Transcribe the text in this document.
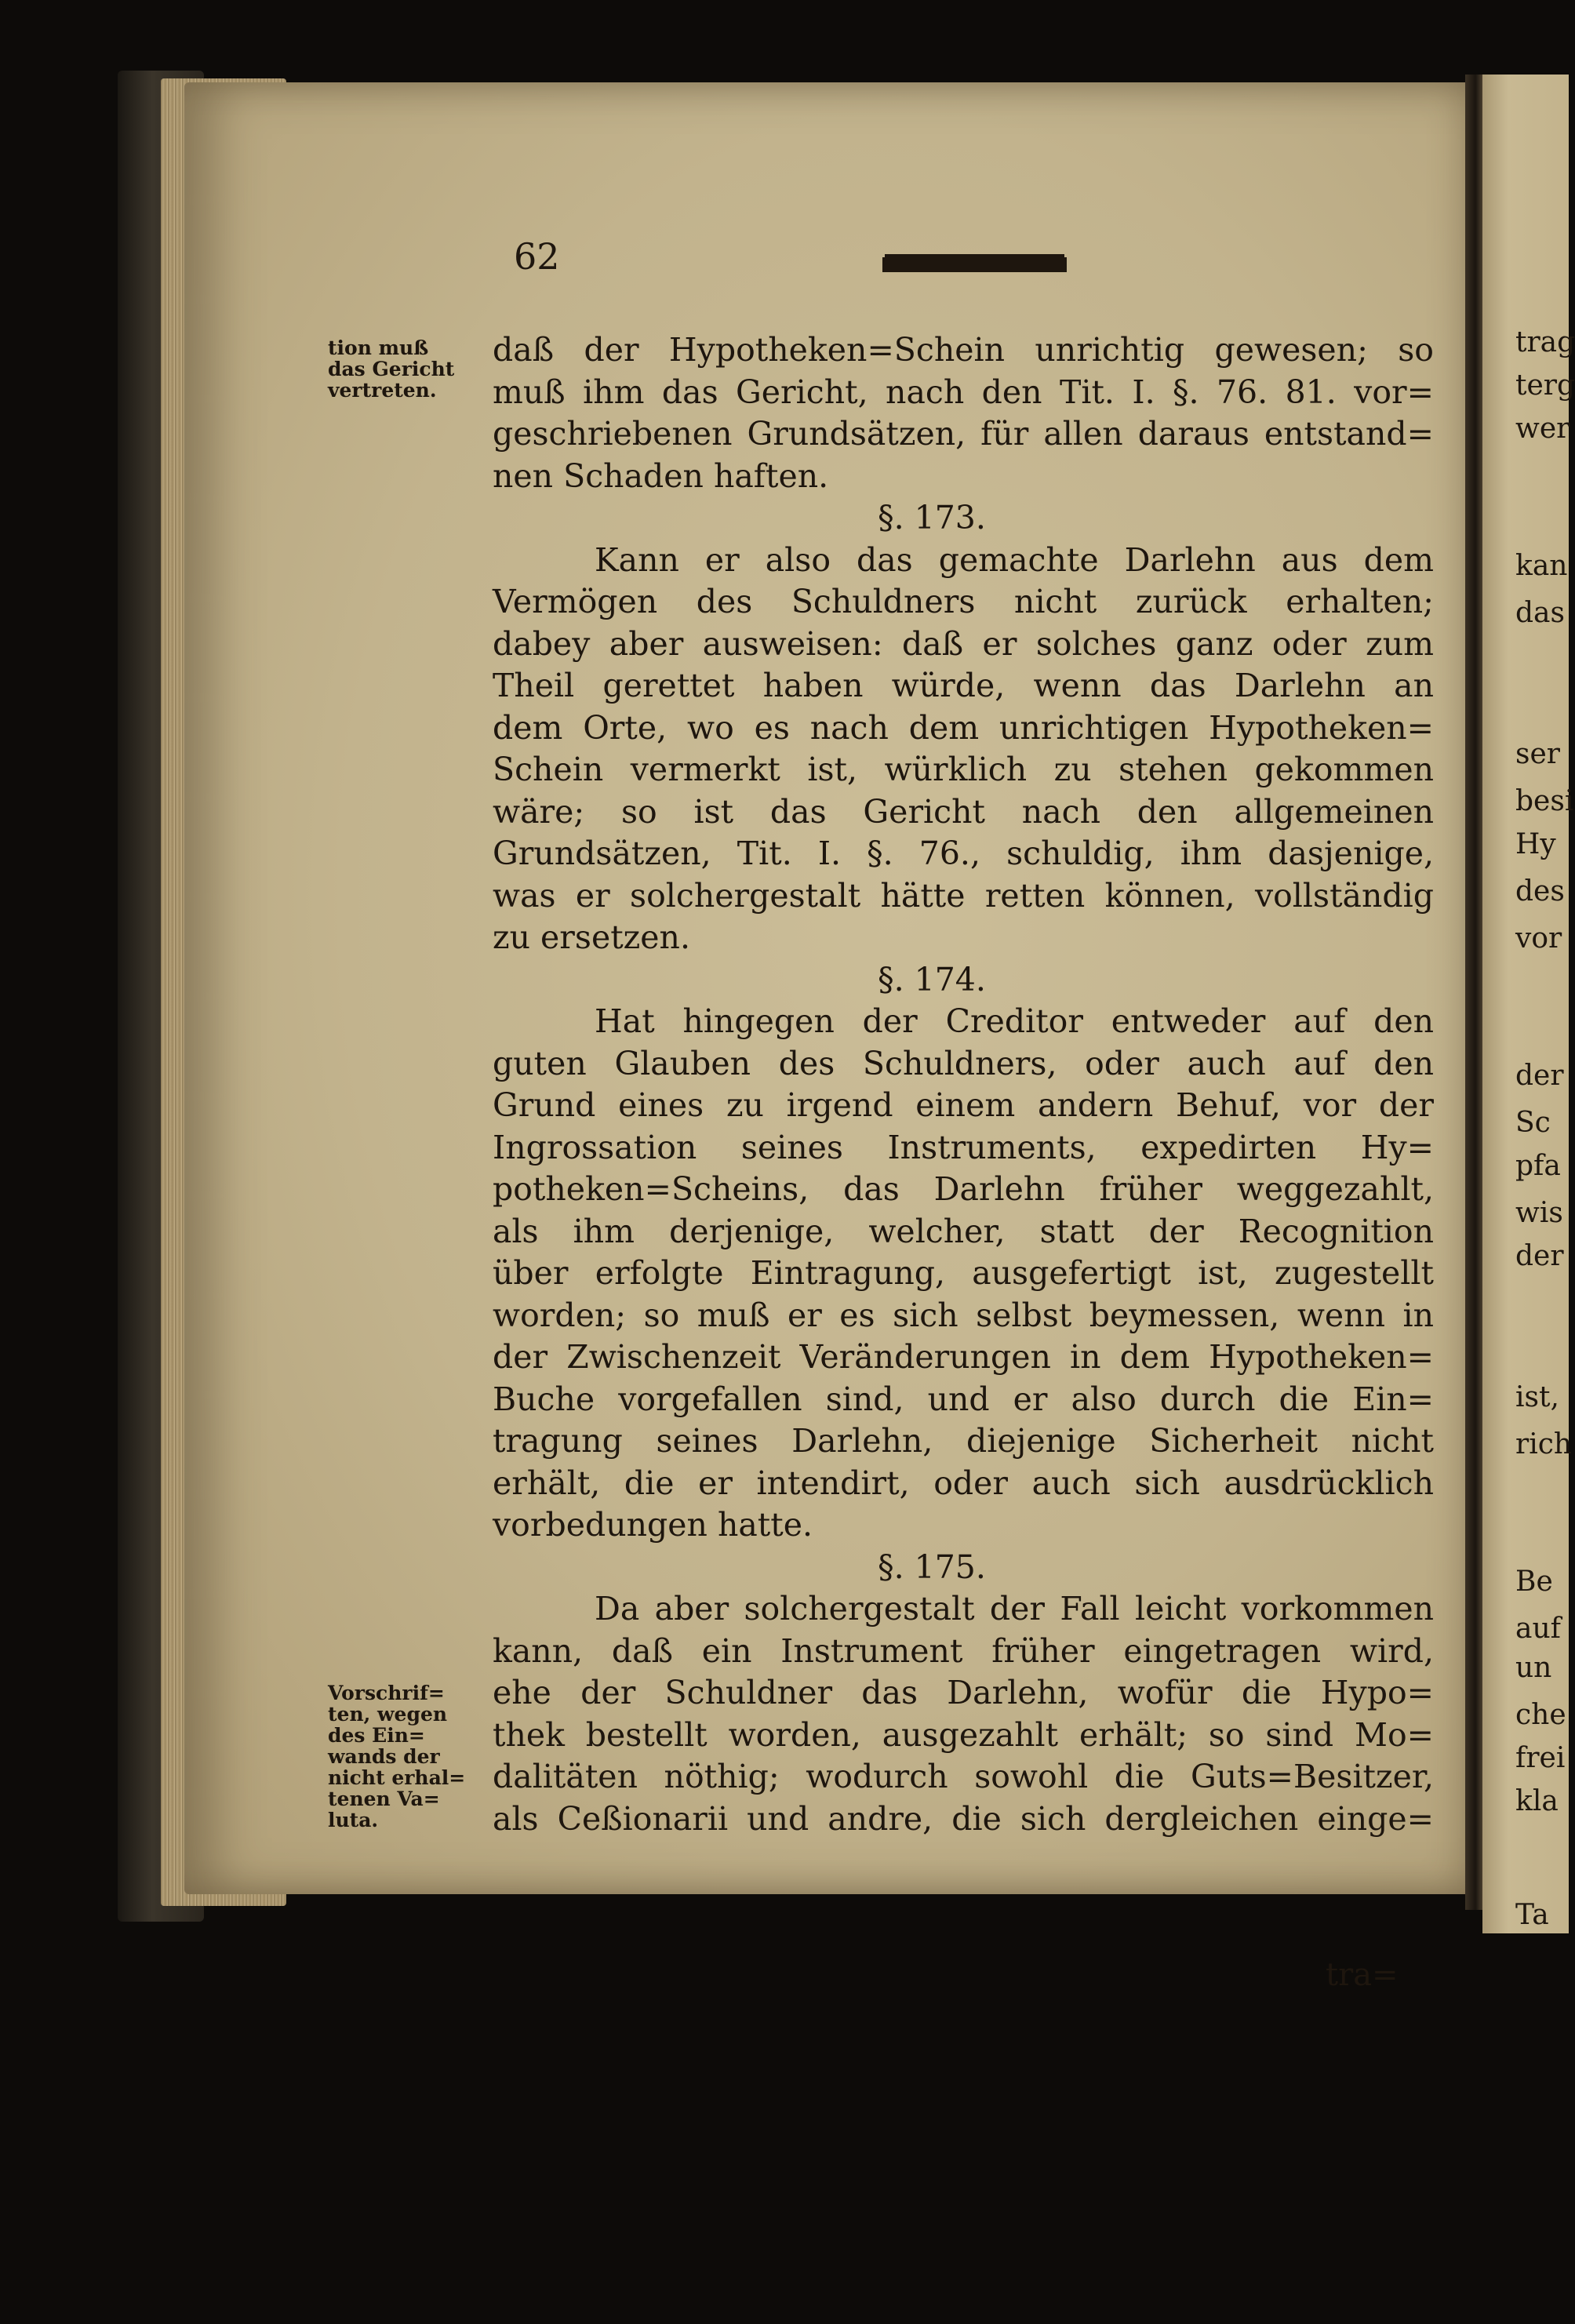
62
tion muß
das Gericht
vertreten.
Vorschrif=
ten, wegen
des Ein=
wands der
nicht erhal=
tenen Va=
luta.
daß der Hypotheken=Schein unrichtig gewesen; so
muß ihm das Gericht, nach den Tit. I. §. 76. 81. vor=
geschriebenen Grundsätzen, für allen daraus entstand=
nen Schaden haften.
§. 173.
Kann er also das gemachte Darlehn aus dem
Vermögen des Schuldners nicht zurück erhalten;
dabey aber ausweisen: daß er solches ganz oder zum
Theil gerettet haben würde, wenn das Darlehn an
dem Orte, wo es nach dem unrichtigen Hypotheken=
Schein vermerkt ist, würklich zu stehen gekommen
wäre; so ist das Gericht nach den allgemeinen
Grundsätzen, Tit. I. §. 76., schuldig, ihm dasjenige,
was er solchergestalt hätte retten können, vollständig
zu ersetzen.
§. 174.
Hat hingegen der Creditor entweder auf den
guten Glauben des Schuldners, oder auch auf den
Grund eines zu irgend einem andern Behuf, vor der
Ingrossation seines Instruments, expedirten Hy=
potheken=Scheins, das Darlehn früher weggezahlt,
als ihm derjenige, welcher, statt der Recognition
über erfolgte Eintragung, ausgefertigt ist, zugestellt
worden; so muß er es sich selbst beymessen, wenn in
der Zwischenzeit Veränderungen in dem Hypotheken=
Buche vorgefallen sind, und er also durch die Ein=
tragung seines Darlehn, diejenige Sicherheit nicht
erhält, die er intendirt, oder auch sich ausdrücklich
vorbedungen hatte.
§. 175.
Da aber solchergestalt der Fall leicht vorkommen
kann, daß ein Instrument früher eingetragen wird,
ehe der Schuldner das Darlehn, wofür die Hypo=
thek bestellt worden, ausgezahlt erhält; so sind Mo=
dalitäten nöthig; wodurch sowohl die Guts=Besitzer,
als Ceßionarii und andre, die sich dergleichen einge=
tra=
trag
terg
wer
kan
das
ser
besi
Hy
des
vor
der
Sc
pfa
wis
der
ist,
rich
Be
auf
un
che
frei
kla
Ta
